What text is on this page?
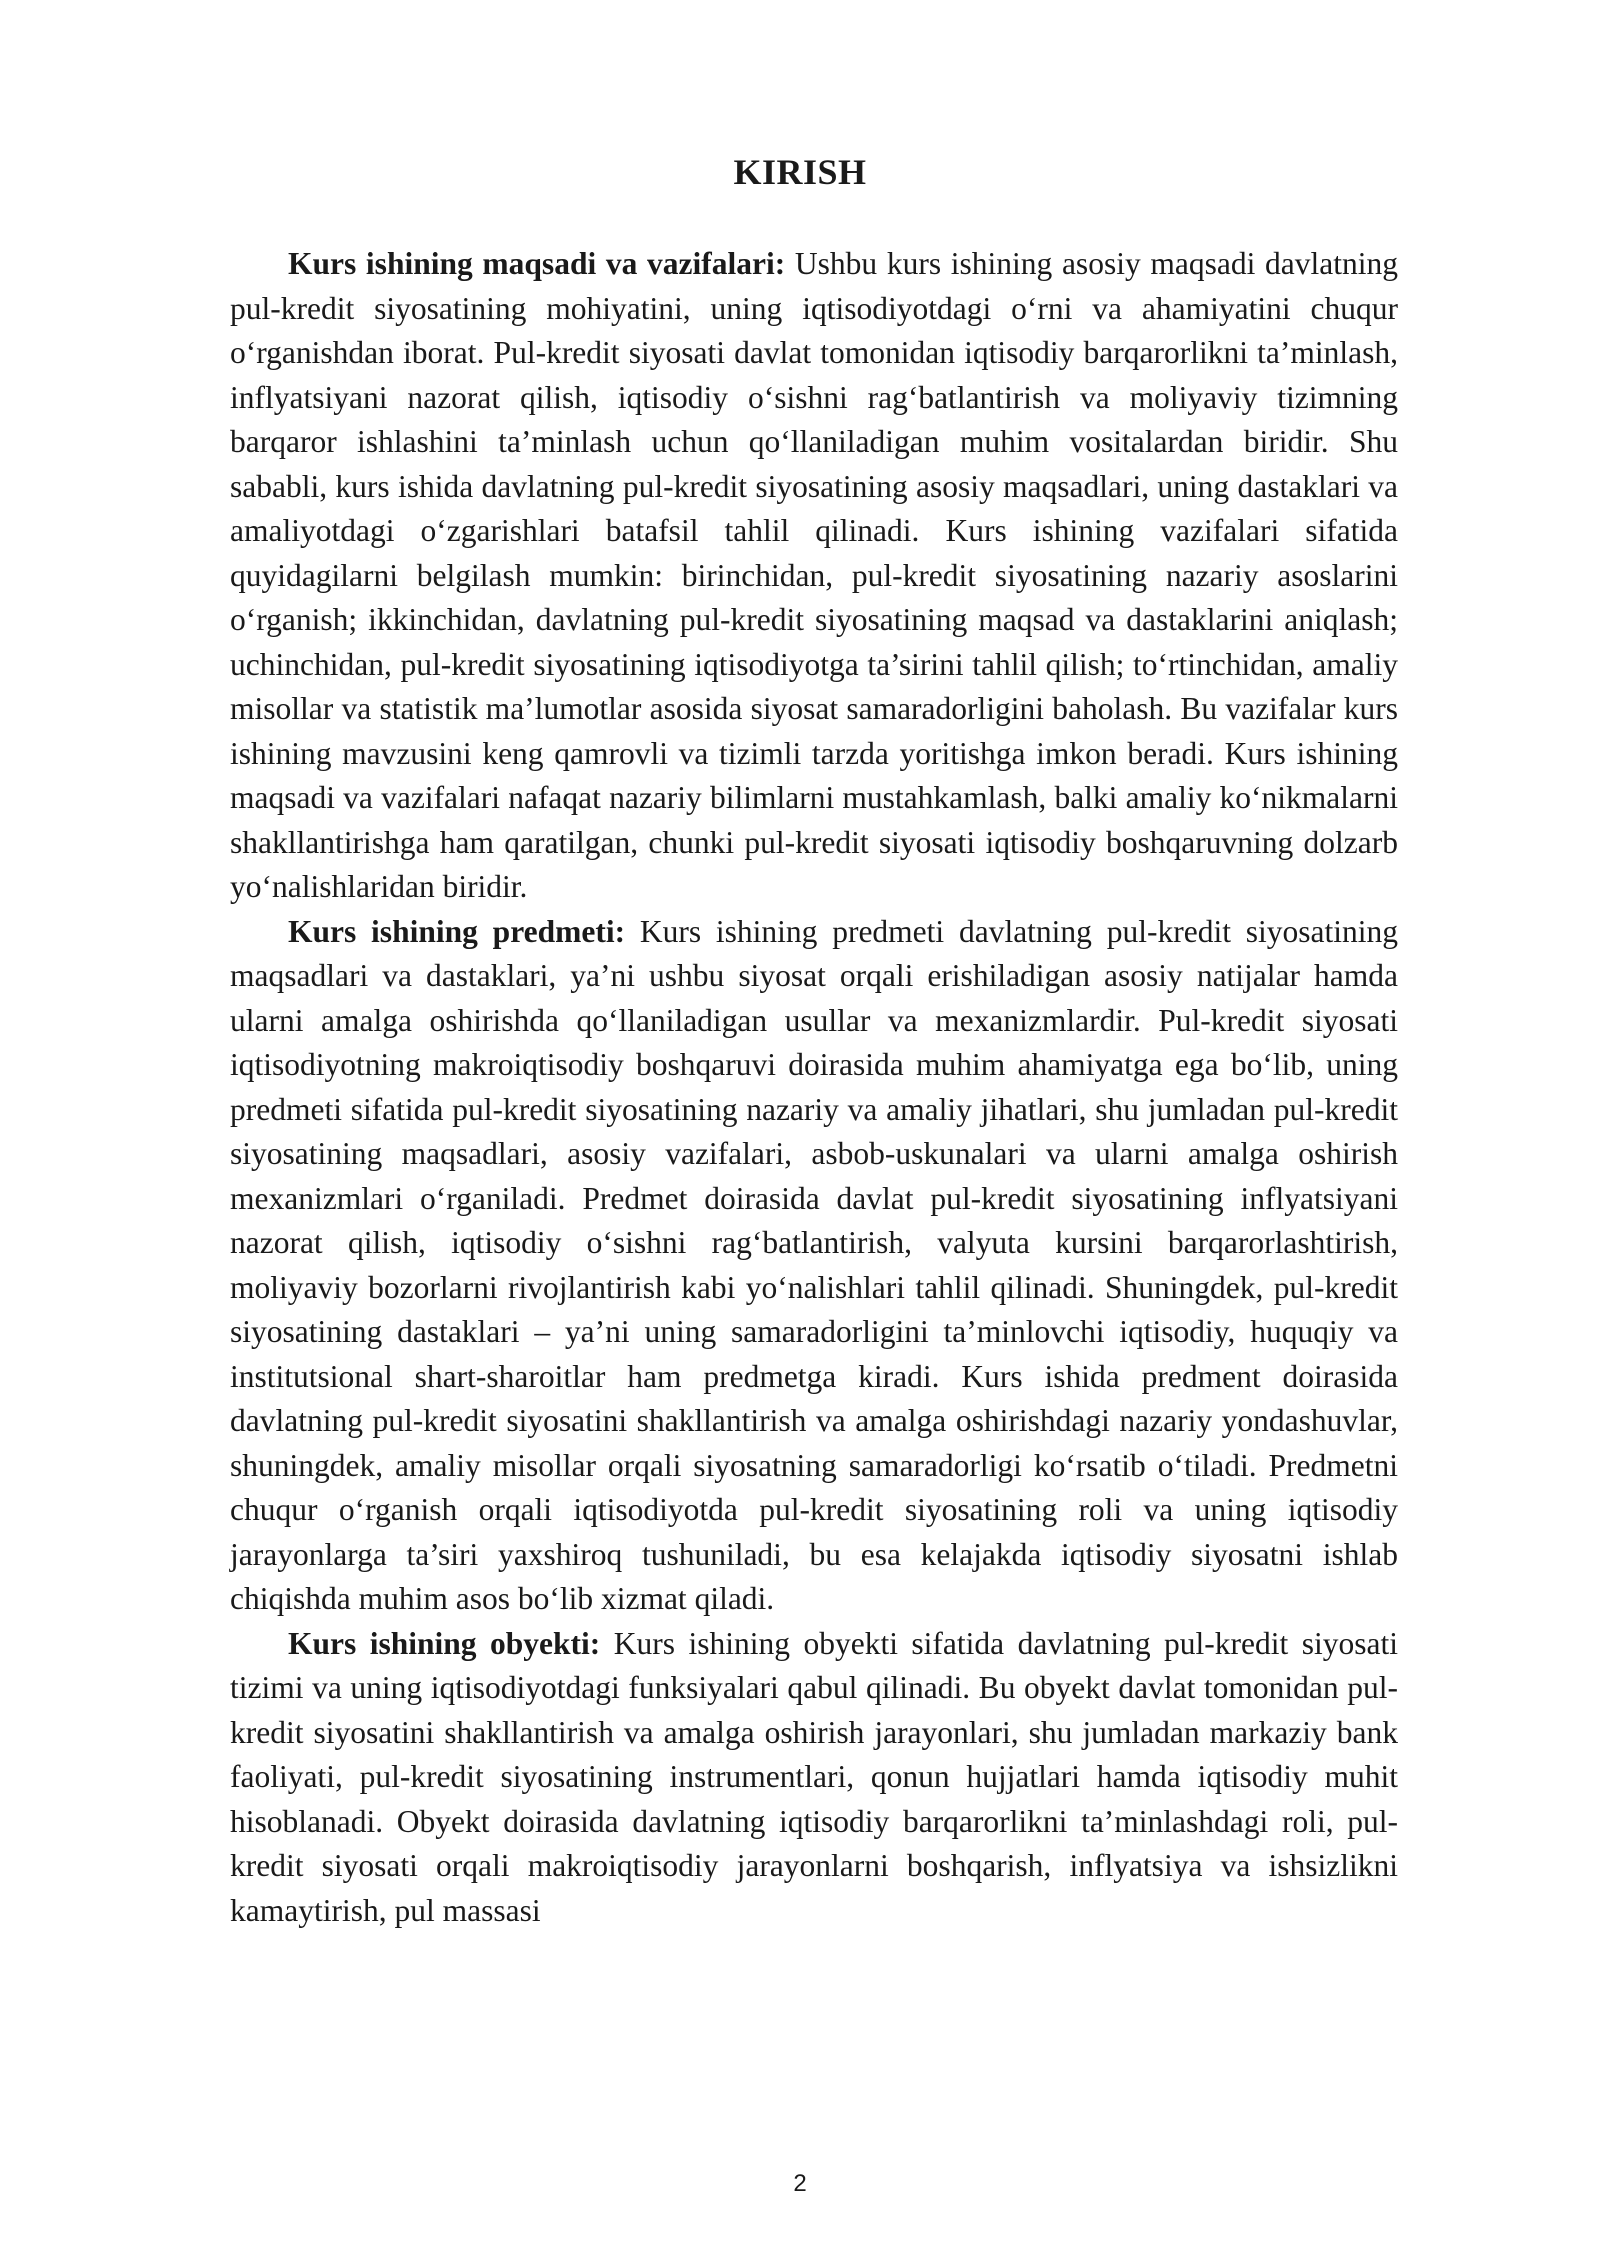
KIRISH

Kurs ishining maqsadi va vazifalari: Ushbu kurs ishining asosiy maqsadi davlatning pul-kredit siyosatining mohiyatini, uning iqtisodiyotdagi o‘rni va ahamiyatini chuqur o‘rganishdan iborat. Pul-kredit siyosati davlat tomonidan iqtisodiy barqarorlikni ta’minlash, inflyatsiyani nazorat qilish, iqtisodiy o‘sishni rag‘batlantirish va moliyaviy tizimning barqaror ishlashini ta’minlash uchun qo‘llaniladigan muhim vositalardan biridir. Shu sababli, kurs ishida davlatning pul-kredit siyosatining asosiy maqsadlari, uning dastaklari va amaliyotdagi o‘zgarishlari batafsil tahlil qilinadi. Kurs ishining vazifalari sifatida quyidagilarni belgilash mumkin: birinchidan, pul-kredit siyosatining nazariy asoslarini o‘rganish; ikkinchidan, davlatning pul-kredit siyosatining maqsad va dastaklarini aniqlash; uchinchidan, pul-kredit siyosatining iqtisodiyotga ta’sirini tahlil qilish; to‘rtinchidan, amaliy misollar va statistik ma’lumotlar asosida siyosat samaradorligini baholash. Bu vazifalar kurs ishining mavzusini keng qamrovli va tizimli tarzda yoritishga imkon beradi. Kurs ishining maqsadi va vazifalari nafaqat nazariy bilimlarni mustahkamlash, balki amaliy ko‘nikmalarni shakllantirishga ham qaratilgan, chunki pul-kredit siyosati iqtisodiy boshqaruvning dolzarb yo‘nalishlaridan biridir.

Kurs ishining predmeti: Kurs ishining predmeti davlatning pul-kredit siyosatining maqsadlari va dastaklari, ya’ni ushbu siyosat orqali erishiladigan asosiy natijalar hamda ularni amalga oshirishda qo‘llaniladigan usullar va mexanizmlardir. Pul-kredit siyosati iqtisodiyotning makroiqtisodiy boshqaruvi doirasida muhim ahamiyatga ega bo‘lib, uning predmeti sifatida pul-kredit siyosatining nazariy va amaliy jihatlari, shu jumladan pul-kredit siyosatining maqsadlari, asosiy vazifalari, asbob-uskunalari va ularni amalga oshirish mexanizmlari o‘rganiladi. Predmet doirasida davlat pul-kredit siyosatining inflyatsiyani nazorat qilish, iqtisodiy o‘sishni rag‘batlantirish, valyuta kursini barqarorlashtirish, moliyaviy bozorlarni rivojlantirish kabi yo‘nalishlari tahlil qilinadi. Shuningdek, pul-kredit siyosatining dastaklari – ya’ni uning samaradorligini ta’minlovchi iqtisodiy, huquqiy va institutsional shart-sharoitlar ham predmetga kiradi. Kurs ishida predment doirasida davlatning pul-kredit siyosatini shakllantirish va amalga oshirishdagi nazariy yondashuvlar, shuningdek, amaliy misollar orqali siyosatning samaradorligi ko‘rsatib o‘tiladi. Predmetni chuqur o‘rganish orqali iqtisodiyotda pul-kredit siyosatining roli va uning iqtisodiy jarayonlarga ta’siri yaxshiroq tushuniladi, bu esa kelajakda iqtisodiy siyosatni ishlab chiqishda muhim asos bo‘lib xizmat qiladi.

Kurs ishining obyekti: Kurs ishining obyekti sifatida davlatning pul-kredit siyosati tizimi va uning iqtisodiyotdagi funksiyalari qabul qilinadi. Bu obyekt davlat tomonidan pul-kredit siyosatini shakllantirish va amalga oshirish jarayonlari, shu jumladan markaziy bank faoliyati, pul-kredit siyosatining instrumentlari, qonun hujjatlari hamda iqtisodiy muhit hisoblanadi. Obyekt doirasida davlatning iqtisodiy barqarorlikni ta’minlashdagi roli, pul-kredit siyosati orqali makroiqtisodiy jarayonlarni boshqarish, inflyatsiya va ishsizlikni kamaytirish, pul massasi

2
